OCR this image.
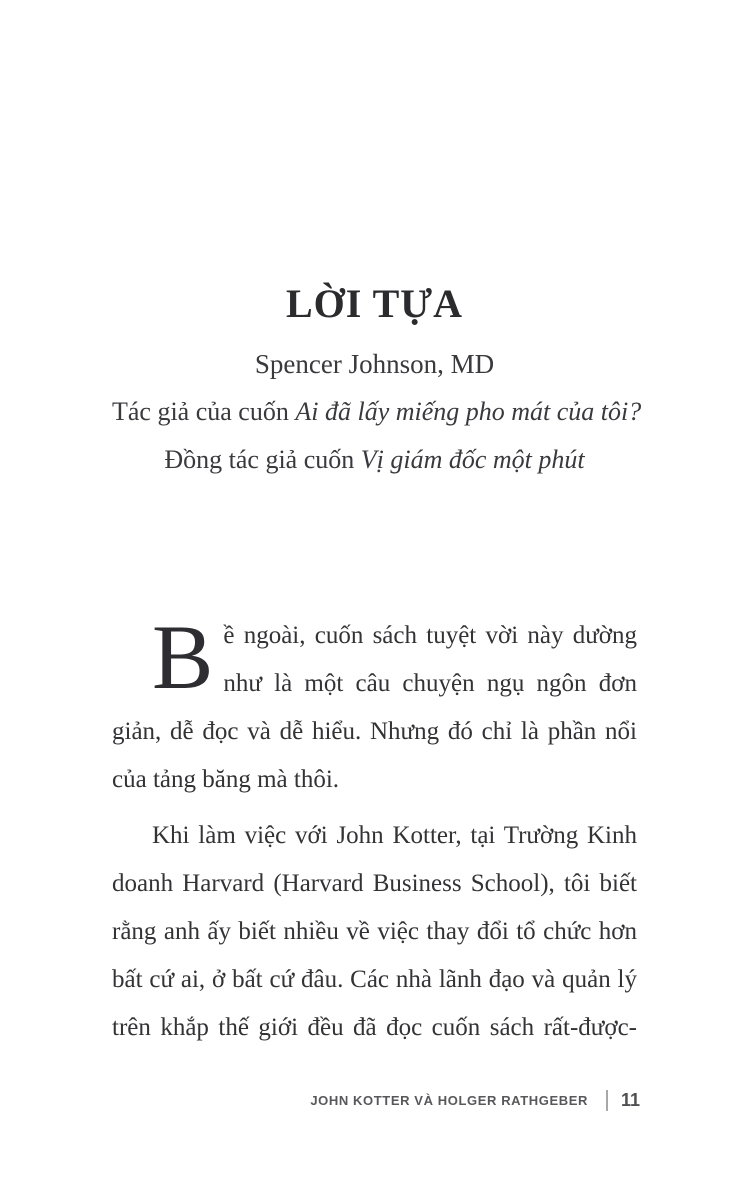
LỜI TỰA
Spencer Johnson, MD
Tác giả của cuốn Ai đã lấy miếng pho mát của tôi?
Đồng tác giả cuốn Vị giám đốc một phút
B ề ngoài, cuốn sách tuyệt vời này dường
như là một câu chuyện ngụ ngôn đơn
giản, dễ đọc và dễ hiểu. Nhưng đó chỉ là phần nổi
của tảng băng mà thôi.
Khi làm việc với John Kotter, tại Trường Kinh
doanh Harvard (Harvard Business School), tôi biết
rằng anh ấy biết nhiều về việc thay đổi tổ chức hơn
bất cứ ai, ở bất cứ đâu. Các nhà lãnh đạo và quản lý
trên khắp thế giới đều đã đọc cuốn sách rất-được-
JOHN KOTTER VÀ HOLGER RATHGEBER 11
